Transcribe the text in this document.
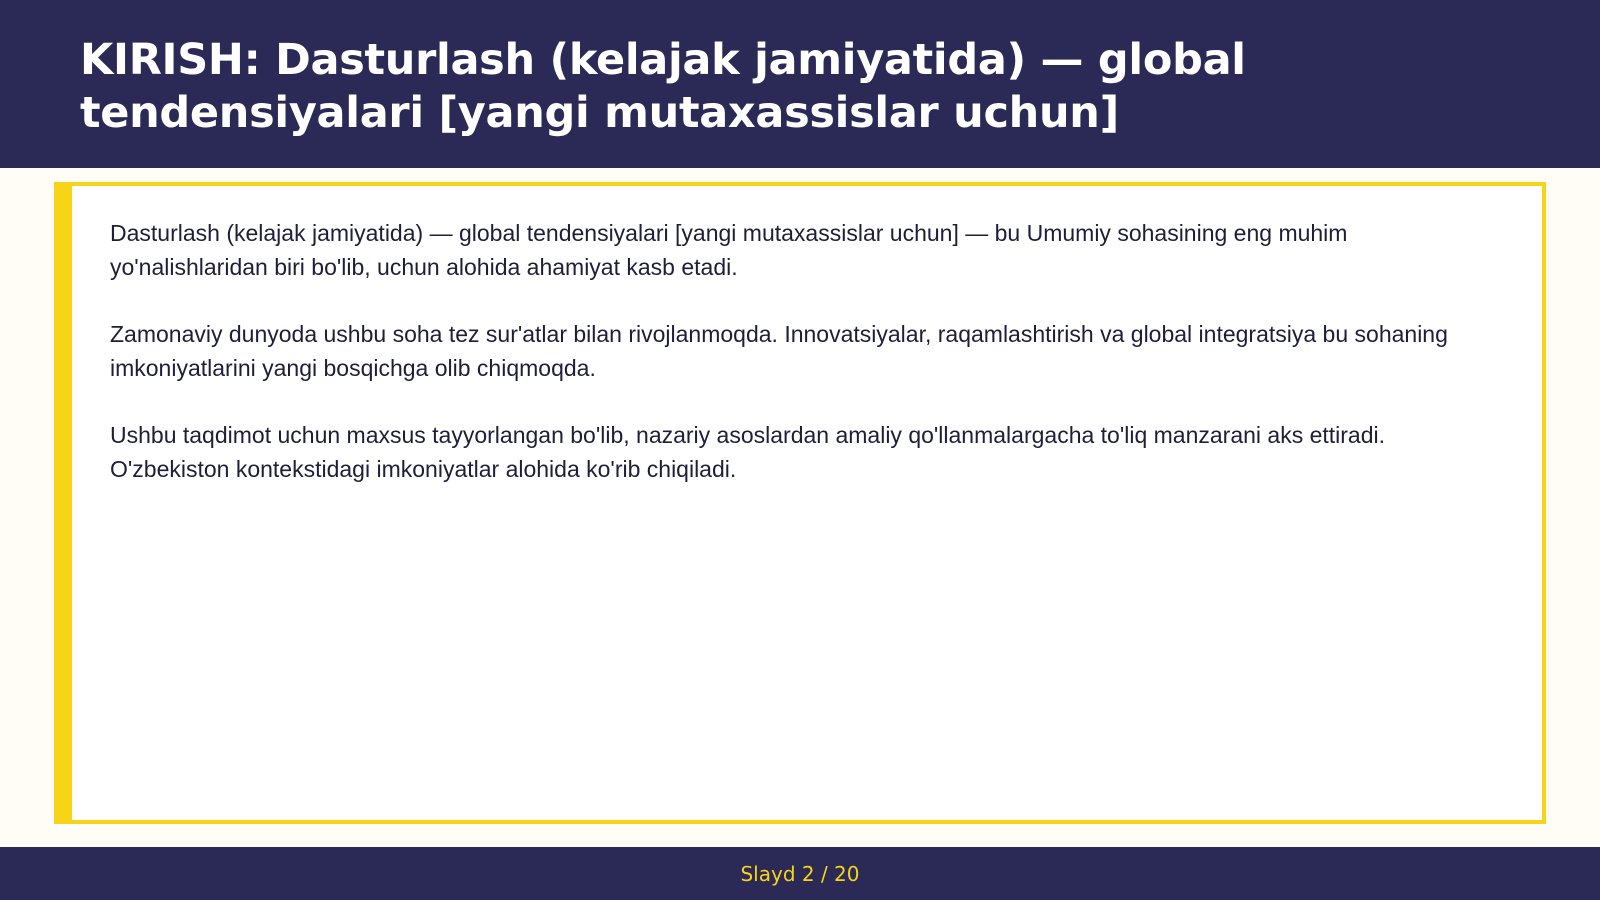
KIRISH: Dasturlash (kelajak jamiyatida) — global tendensiyalari [yangi mutaxassislar uchun]

Dasturlash (kelajak jamiyatida) — global tendensiyalari [yangi mutaxassislar uchun] — bu Umumiy sohasining eng muhim yo'nalishlaridan biri bo'lib, uchun alohida ahamiyat kasb etadi.

Zamonaviy dunyoda ushbu soha tez sur'atlar bilan rivojlanmoqda. Innovatsiyalar, raqamlashtirish va global integratsiya bu sohaning imkoniyatlarini yangi bosqichga olib chiqmoqda.

Ushbu taqdimot uchun maxsus tayyorlangan bo'lib, nazariy asoslardan amaliy qo'llanmalargacha to'liq manzarani aks ettiradi. O'zbekiston kontekstidagi imkoniyatlar alohida ko'rib chiqiladi.

Slayd 2 / 20
